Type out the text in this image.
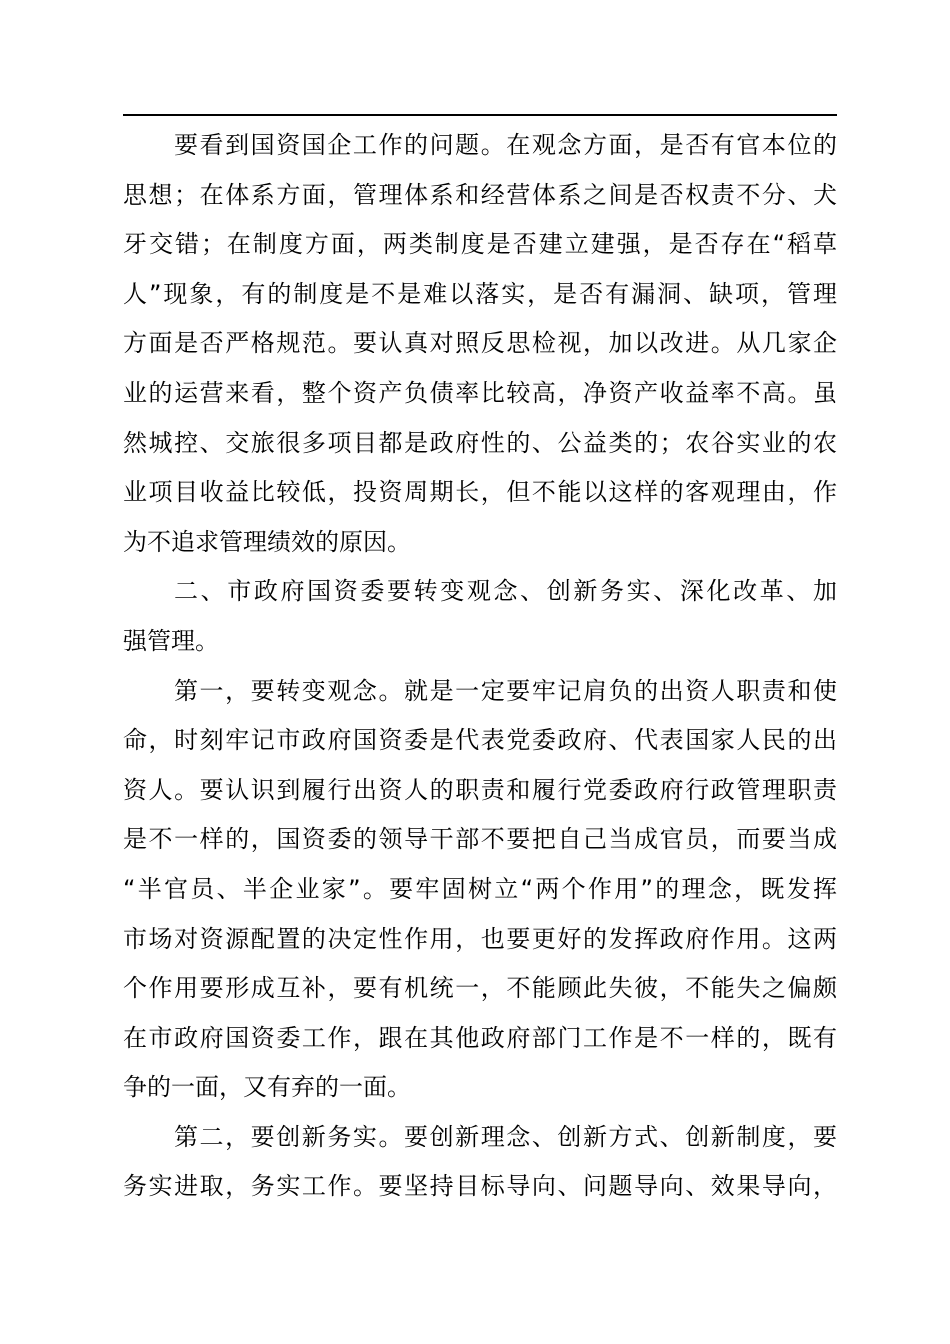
要看到国资国企工作的问题。在观念方面，是否有官本位的
思想；在体系方面，管理体系和经营体系之间是否权责不分、犬
牙交错；在制度方面，两类制度是否建立建强，是否存在“稻草
人”现象，有的制度是不是难以落实，是否有漏洞、缺项，管理
方面是否严格规范。要认真对照反思检视，加以改进。从几家企
业的运营来看，整个资产负债率比较高，净资产收益率不高。虽
然城控、交旅很多项目都是政府性的、公益类的；农谷实业的农
业项目收益比较低，投资周期长，但不能以这样的客观理由，作
为不追求管理绩效的原因。
二、市政府国资委要转变观念、创新务实、深化改革、加
强管理。
第一，要转变观念。就是一定要牢记肩负的出资人职责和使
命，时刻牢记市政府国资委是代表党委政府、代表国家人民的出
资人。要认识到履行出资人的职责和履行党委政府行政管理职责
是不一样的，国资委的领导干部不要把自己当成官员，而要当成
“半官员、半企业家”。要牢固树立“两个作用”的理念，既发挥
市场对资源配置的决定性作用，也要更好的发挥政府作用。这两
个作用要形成互补，要有机统一，不能顾此失彼，不能失之偏颇
在市政府国资委工作，跟在其他政府部门工作是不一样的，既有
争的一面，又有弃的一面。
第二，要创新务实。要创新理念、创新方式、创新制度，要
务实进取，务实工作。要坚持目标导向、问题导向、效果导向，
